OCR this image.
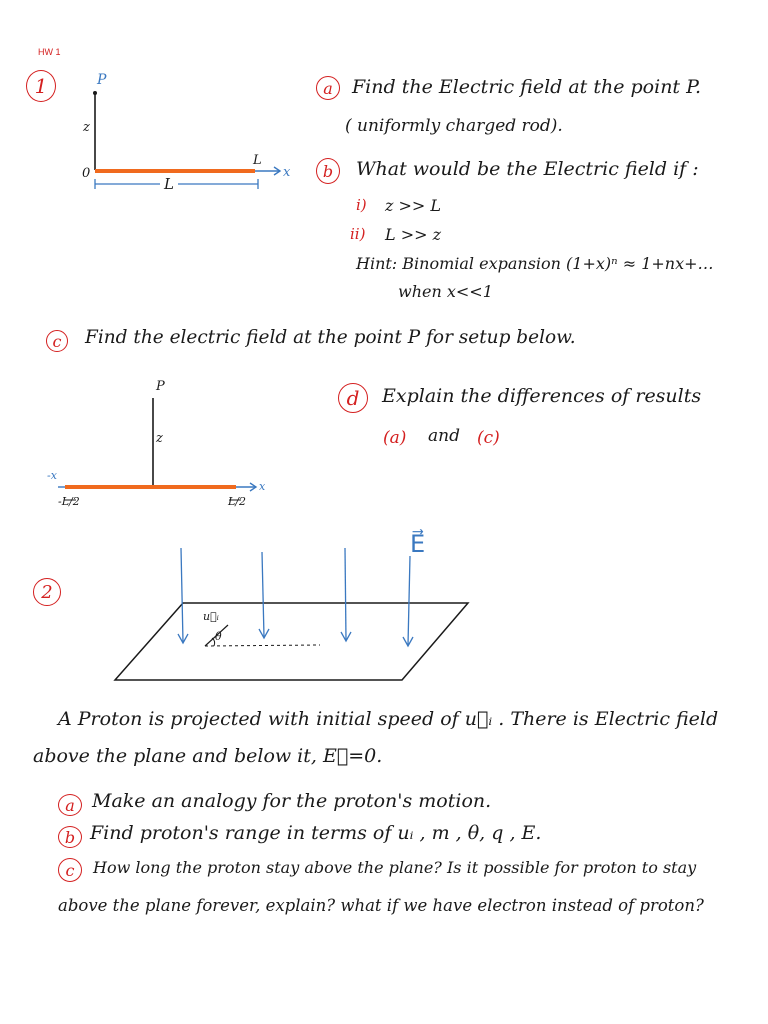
HW 1
1	P
z
0
L
x
L
a Find the Electric field at the point P.
( uniformly charged rod).
b What would be the Electric field if :
i) z >> L
ii) L >> z
Hint: Binomial expansion (1+x)ⁿ ≈ 1+nx+…
when x<<1
c Find the electric field at the point P for setup below.
P
z
-x
x
-L/2	L/2
d Explain the differences of results
(a) and (c)
2
E⃗
u⃗ᵢ
θ
A Proton is projected with initial speed of u⃗ᵢ . There is Electric field
above the plane and below it, E⃗=0.
a Make an analogy for the proton's motion.
b Find proton's range in terms of uᵢ , m , θ, q , E.
c How long the proton stay above the plane? Is it possible for proton to stay
above the plane forever, explain? what if we have electron instead of proton?
